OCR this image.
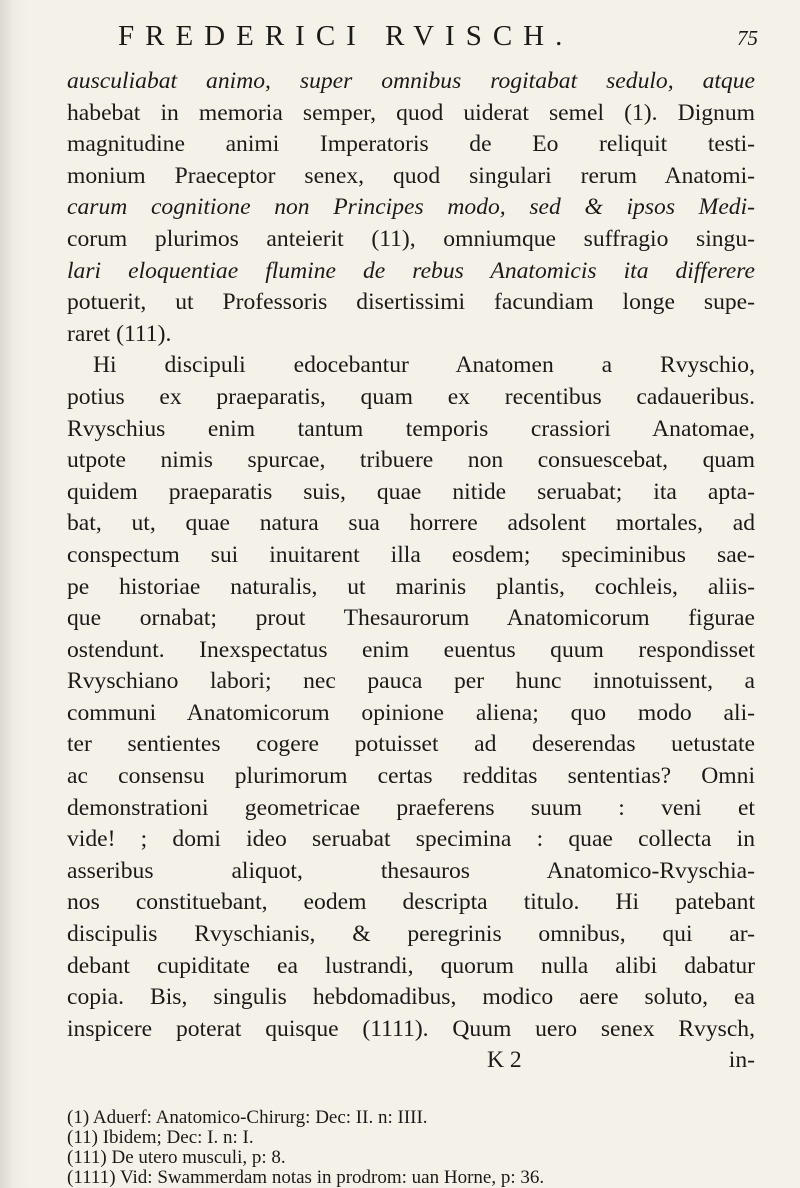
FREDERICI RVISCH.	75
ausculiabat animo, super omnibus rogitabat sedulo, atque
habebat in memoria semper, quod uiderat semel (1). Dignum
magnitudine animi Imperatoris de Eo reliquit testi-
monium Praeceptor senex, quod singulari rerum Anatomi-
carum cognitione non Principes modo, sed & ipsos Medi-
corum plurimos anteierit (11), omniumque suffragio singu-
lari eloquentiae flumine de rebus Anatomicis ita differere
potuerit, ut Professoris disertissimi facundiam longe supe-
raret (111).
Hi discipuli edocebantur Anatomen a Rvyschio,
potius ex praeparatis, quam ex recentibus cadaueribus.
Rvyschius enim tantum temporis crassiori Anatomae,
utpote nimis spurcae, tribuere non consuescebat, quam
quidem praeparatis suis, quae nitide seruabat; ita apta-
bat, ut, quae natura sua horrere adsolent mortales, ad
conspectum sui inuitarent illa eosdem; speciminibus sae-
pe historiae naturalis, ut marinis plantis, cochleis, aliis-
que ornabat; prout Thesaurorum Anatomicorum figurae
ostendunt. Inexspectatus enim euentus quum respondisset
Rvyschiano labori; nec pauca per hunc innotuissent, a
communi Anatomicorum opinione aliena; quo modo ali-
ter sentientes cogere potuisset ad deserendas uetustate
ac consensu plurimorum certas redditas sententias? Omni
demonstrationi geometricae praeferens suum : veni et
vide! ; domi ideo seruabat specimina : quae collecta in
asseribus aliquot, thesauros Anatomico-Rvyschia-
nos constituebant, eodem descripta titulo. Hi patebant
discipulis Rvyschianis, & peregrinis omnibus, qui ar-
debant cupiditate ea lustrandi, quorum nulla alibi dabatur
copia. Bis, singulis hebdomadibus, modico aere soluto, ea
inspicere poterat quisque (1111). Quum uero senex Rvysch,
K 2	in-
(1) Aduerf: Anatomico-Chirurg: Dec: II. n: IIII.
(11) Ibidem; Dec: I. n: I.
(111) De utero musculi, p: 8.
(1111) Vid: Swammerdam notas in prodrom: uan Horne, p: 36.
